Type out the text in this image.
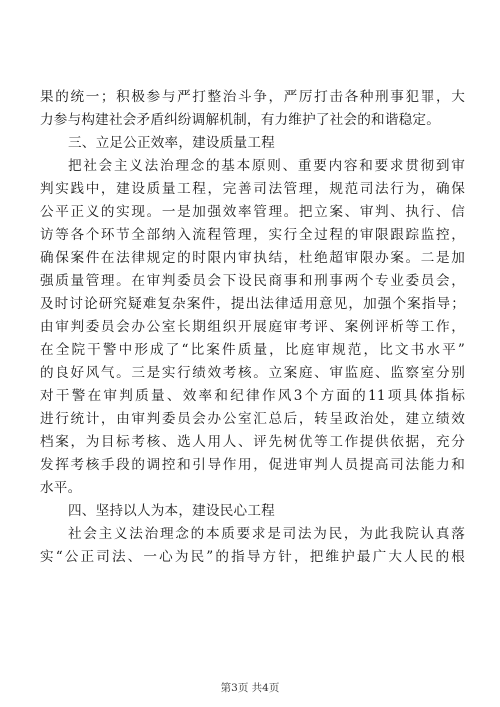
果的统一；积极参与严打整治斗争，严厉打击各种刑事犯罪，大
力参与构建社会矛盾纠纷调解机制，有力维护了社会的和谐稳定。
三、立足公正效率，建设质量工程
把社会主义法治理念的基本原则、重要内容和要求贯彻到审
判实践中，建设质量工程，完善司法管理，规范司法行为，确保
公平正义的实现。一是加强效率管理。把立案、审判、执行、信
访等各个环节全部纳入流程管理，实行全过程的审限跟踪监控，
确保案件在法律规定的时限内审执结，杜绝超审限办案。二是加
强质量管理。在审判委员会下设民商事和刑事两个专业委员会，
及时讨论研究疑难复杂案件，提出法律适用意见，加强个案指导；
由审判委员会办公室长期组织开展庭审考评、案例评析等工作，
在全院干警中形成了“比案件质量，比庭审规范，比文书水平”
的良好风气。三是实行绩效考核。立案庭、审监庭、监察室分别
对干警在审判质量、效率和纪律作风3个方面的11项具体指标
进行统计，由审判委员会办公室汇总后，转呈政治处，建立绩效
档案，为目标考核、选人用人、评先树优等工作提供依据，充分
发挥考核手段的调控和引导作用，促进审判人员提高司法能力和
水平。
四、坚持以人为本，建设民心工程
社会主义法治理念的本质要求是司法为民，为此我院认真落
实“公正司法、一心为民”的指导方针，把维护最广大人民的根
第3页 共4页
